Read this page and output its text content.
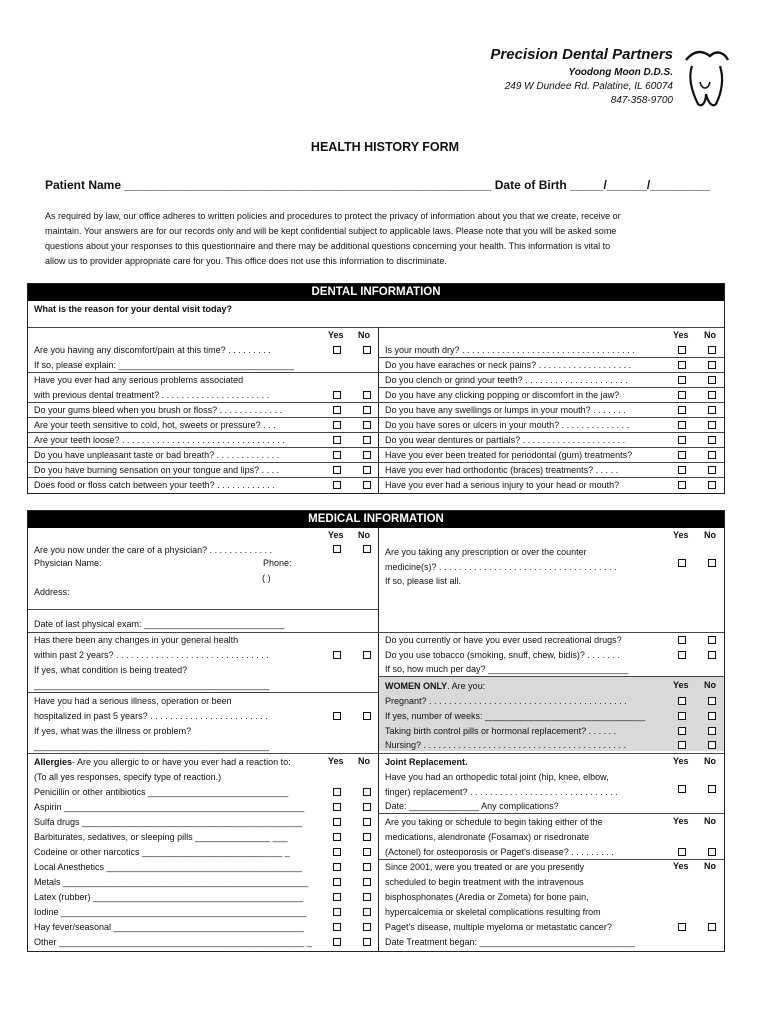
Precision Dental Partners
Yoodong Moon D.D.S.
249 W Dundee Rd. Palatine, IL 60074
847-358-9700
HEALTH HISTORY FORM
Patient Name _______________________________________________________ Date of Birth _____/______/_________
As required by law, our office adheres to written policies and procedures to protect the privacy of information about you that we create, receive or
maintain. Your answers are for our records only and will be kept confidential subject to applicable laws. Please note that you will be asked some
questions about your responses to this questionnaire and there may be additional questions concerning your health. This information is vital to
allow us to provider appropriate care for you. This office does not use this information to discriminate.
DENTAL INFORMATION
What is the reason for your dental visit today?
Yes No	Yes No
Are you having any discomfort/pain at this time? . . . . . . . . .
If so, please explain: ___________________________________
Have you ever had any serious problems associated
with previous dental treatment? . . . . . . . . . . . . . . . . . . . . . .
Do your gums bleed when you brush or floss? . . . . . . . . . . . . .
Are your teeth sensitive to cold, hot, sweets or pressure? . . .
Are your teeth loose? . . . . . . . . . . . . . . . . . . . . . . . . . . . . . . . . .
Do you have unpleasant taste or bad breath? . . . . . . . . . . . . .
Do you have burning sensation on your tongue and lips? . . . .
Does food or floss catch between your teeth? . . . . . . . . . . . .
Is your mouth dry? . . . . . . . . . . . . . . . . . . . . . . . . . . . . . . . . . . .
Do you have earaches or neck pains? . . . . . . . . . . . . . . . . . . .
Do you clench or grind your teeth? . . . . . . . . . . . . . . . . . . . . .
Do you have any clicking popping or discomfort in the jaw?
Do you have any swellings or lumps in your mouth? . . . . . . .
Do you have sores or ulcers in your mouth? . . . . . . . . . . . . . .
Do you wear dentures or partials? . . . . . . . . . . . . . . . . . . . . .
Have you ever been treated for periodontal (gum) treatments?
Have you ever had orthodontic (braces) treatments? . . . . .
Have you ever had a serious injury to your head or mouth?
MEDICAL INFORMATION
Yes No	Yes No
Are you now under the care of a physician? . . . . . . . . . . . . .
Physician Name:	Phone:
( )
Address:
Date of last physical exam: ____________________________
Has there been any changes in your general health
within past 2 years? . . . . . . . . . . . . . . . . . . . . . . . . . . . . . . .
If yes, what condition is being treated?
_______________________________________________
Have you had a serious illness, operation or been
hospitalized in past 5 years? . . . . . . . . . . . . . . . . . . . . . . . .
If yes, what was the illness or problem?
_______________________________________________
Allergies- Are you allergic to or have you ever had a reaction to:	Yes No
(To all yes responses, specify type of reaction.)
Penicillin or other antibiotics ____________________________
Aspirin ________________________________________________
Sulfa drugs ____________________________________________
Barbiturates, sedatives, or sleeping pills _______________ ___
Codeine or other narcotics ____________________________ _
Local Anesthetics _______________________________________
Metals _________________________________________________
Latex (rubber) __________________________________________
Iodine _________________________________________________
Hay fever/seasonal ______________________________________
Other _________________________________________________ _
Are you taking any prescription or over the counter
medicine(s)? . . . . . . . . . . . . . . . . . . . . . . . . . . . . . . . . . . . .
If so, please list all.
Do you currently or have you ever used recreational drugs?
Do you use tobacco (smoking, snuff, chew, bidis)? . . . . . . .
If so, how much per day? ____________________________
WOMEN ONLY. Are you:	Yes No
Pregnant? . . . . . . . . . . . . . . . . . . . . . . . . . . . . . . . . . . . . . . . .
If yes, number of weeks: ________________________________
Taking birth control pills or hormonal replacement? . . . . . .
Nursing? . . . . . . . . . . . . . . . . . . . . . . . . . . . . . . . . . . . . . . . . .
Joint Replacement.	Yes No
Have you had an orthopedic total joint (hip, knee, elbow,
finger) replacement? . . . . . . . . . . . . . . . . . . . . . . . . . . . . . .
Date: ______________ Any complications?
Are you taking or schedule to begin taking either of the	Yes No
medications, alendronate (Fosamax) or risedronate
(Actonel) for osteoporosis or Paget's disease? . . . . . . . . .
Since 2001, were you treated or are you presently	Yes No
scheduled to begin treatment with the intravenous
bisphosphonates (Aredia or Zometa) for bone pain,
hypercalcemia or skeletal complications resulting from
Paget's disease, multiple myeloma or metastatic cancer?
Date Treatment began: _______________________________
